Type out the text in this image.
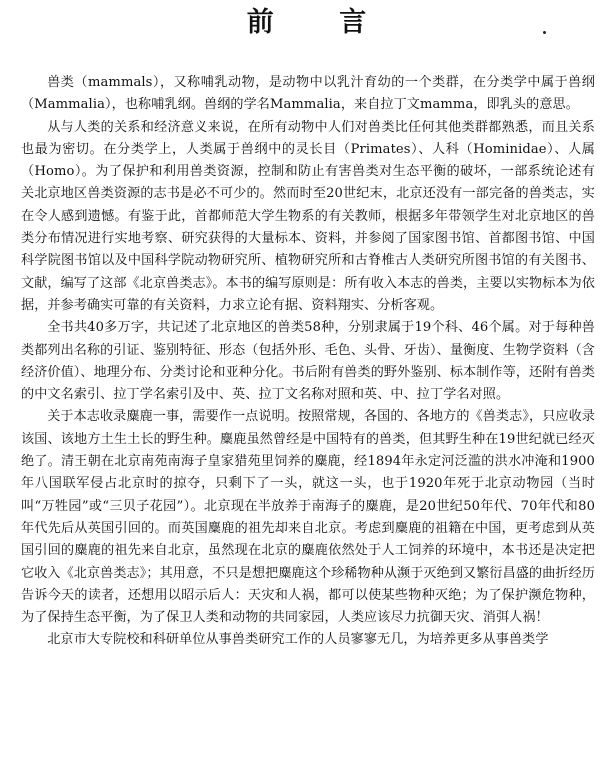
前 言

兽类（mammals），又称哺乳动物，是动物中以乳汁育幼的一个类群，在分类学中属于兽纲（Mammalia），也称哺乳纲。兽纲的学名Mammalia，来自拉丁文mamma，即乳头的意思。

从与人类的关系和经济意义来说，在所有动物中人们对兽类比任何其他类群都熟悉，而且关系也最为密切。在分类学上，人类属于兽纲中的灵长目（Primates）、人科（Hominidae）、人属（Homo）。为了保护和利用兽类资源，控制和防止有害兽类对生态平衡的破坏，一部系统论述有关北京地区兽类资源的志书是必不可少的。然而时至20世纪末，北京还没有一部完备的兽类志，实在令人感到遗憾。有鉴于此，首都师范大学生物系的有关教师，根据多年带领学生对北京地区的兽类分布情况进行实地考察、研究获得的大量标本、资料，并参阅了国家图书馆、首都图书馆、中国科学院图书馆以及中国科学院动物研究所、植物研究所和古脊椎古人类研究所图书馆的有关图书、文献，编写了这部《北京兽类志》。本书的编写原则是：所有收入本志的兽类，主要以实物标本为依据，并参考确实可靠的有关资料，力求立论有据、资料翔实、分析客观。

全书共40多万字，共记述了北京地区的兽类58种，分别隶属于19个科、46个属。对于每种兽类都列出名称的引证、鉴别特征、形态（包括外形、毛色、头骨、牙齿）、量衡度、生物学资料（含经济价值）、地理分布、分类讨论和亚种分化。书后附有兽类的野外鉴别、标本制作等，还附有兽类的中文名索引、拉丁学名索引及中、英、拉丁文名称对照和英、中、拉丁学名对照。

关于本志收录麋鹿一事，需要作一点说明。按照常规，各国的、各地方的《兽类志》，只应收录该国、该地方土生土长的野生种。麋鹿虽然曾经是中国特有的兽类，但其野生种在19世纪就已经灭绝了。清王朝在北京南苑南海子皇家猎苑里饲养的麋鹿，经1894年永定河泛滥的洪水冲淹和1900年八国联军侵占北京时的掠夺，只剩下了一头，就这一头，也于1920年死于北京动物园（当时叫“万牲园”或“三贝子花园”）。北京现在半放养于南海子的麋鹿，是20世纪50年代、70年代和80年代先后从英国引回的。而英国麋鹿的祖先却来自北京。考虑到麋鹿的祖籍在中国，更考虑到从英国引回的麋鹿的祖先来自北京，虽然现在北京的麋鹿依然处于人工饲养的环境中，本书还是决定把它收入《北京兽类志》；其用意，不只是想把麋鹿这个珍稀物种从濒于灭绝到又繁衍昌盛的曲折经历告诉今天的读者，还想用以昭示后人：天灾和人祸，都可以使某些物种灭绝；为了保护濒危物种，为了保持生态平衡，为了保卫人类和动物的共同家园，人类应该尽力抗御天灾、消弭人祸！

北京市大专院校和科研单位从事兽类研究工作的人员寥寥无几，为培养更多从事兽类学
